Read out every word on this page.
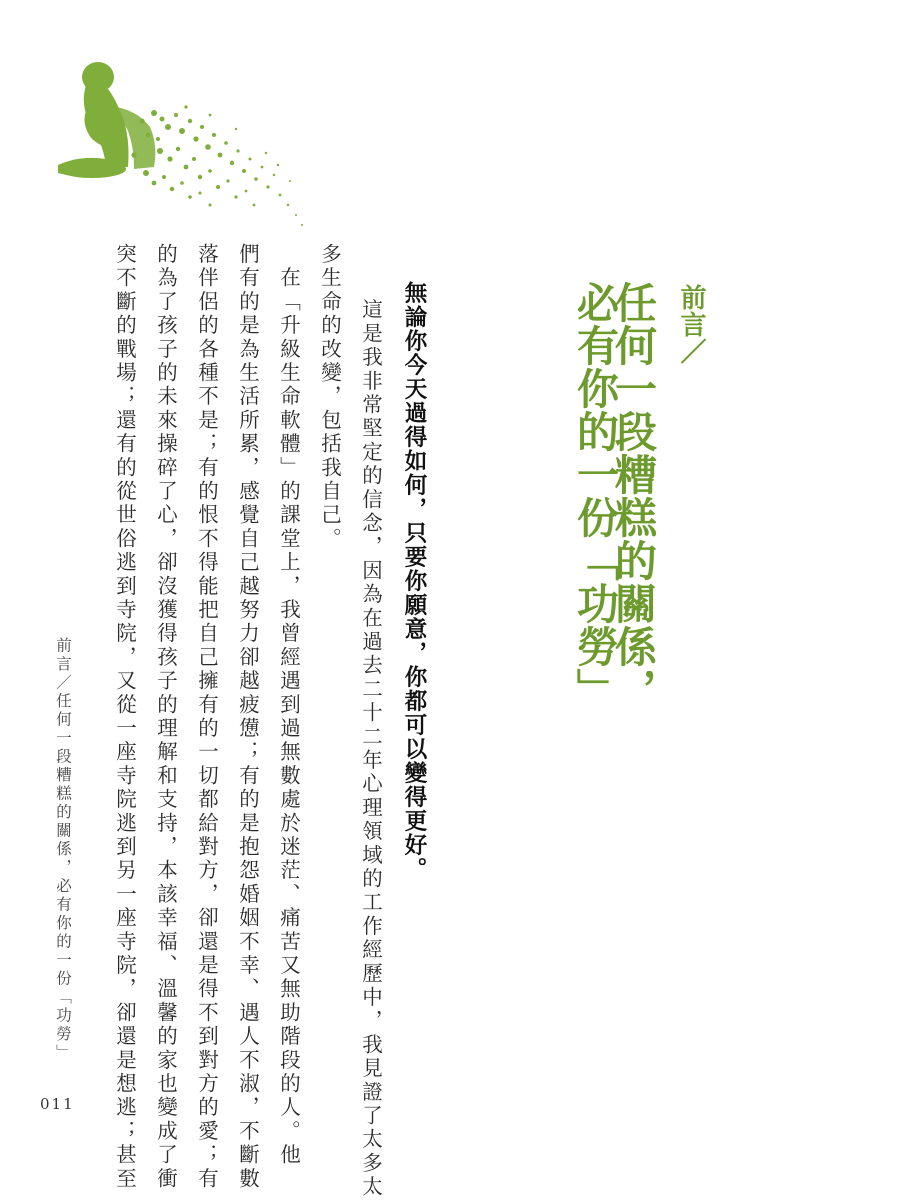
前言／
任何一段糟糕的關係，
必有你的一份「功勞」
無論你今天過得如何，只要你願意，你都可以變得更好。
　這是我非常堅定的信念，因為在過去二十二年心理領域的工作經歷中，我見證了太多太
多生命的改變，包括我自己。
　在「升級生命軟體」的課堂上，我曾經遇到過無數處於迷茫、痛苦又無助階段的人。他
們有的是為生活所累，感覺自己越努力卻越疲憊；有的是抱怨婚姻不幸、遇人不淑，不斷數
落伴侶的各種不是；有的恨不得能把自己擁有的一切都給對方，卻還是得不到對方的愛；有
的為了孩子的未來操碎了心，卻沒獲得孩子的理解和支持，本該幸福、溫馨的家也變成了衝
突不斷的戰場；還有的從世俗逃到寺院，又從一座寺院逃到另一座寺院，卻還是想逃；甚至
前言／任何一段糟糕的關係，必有你的一份「功勞」
011
